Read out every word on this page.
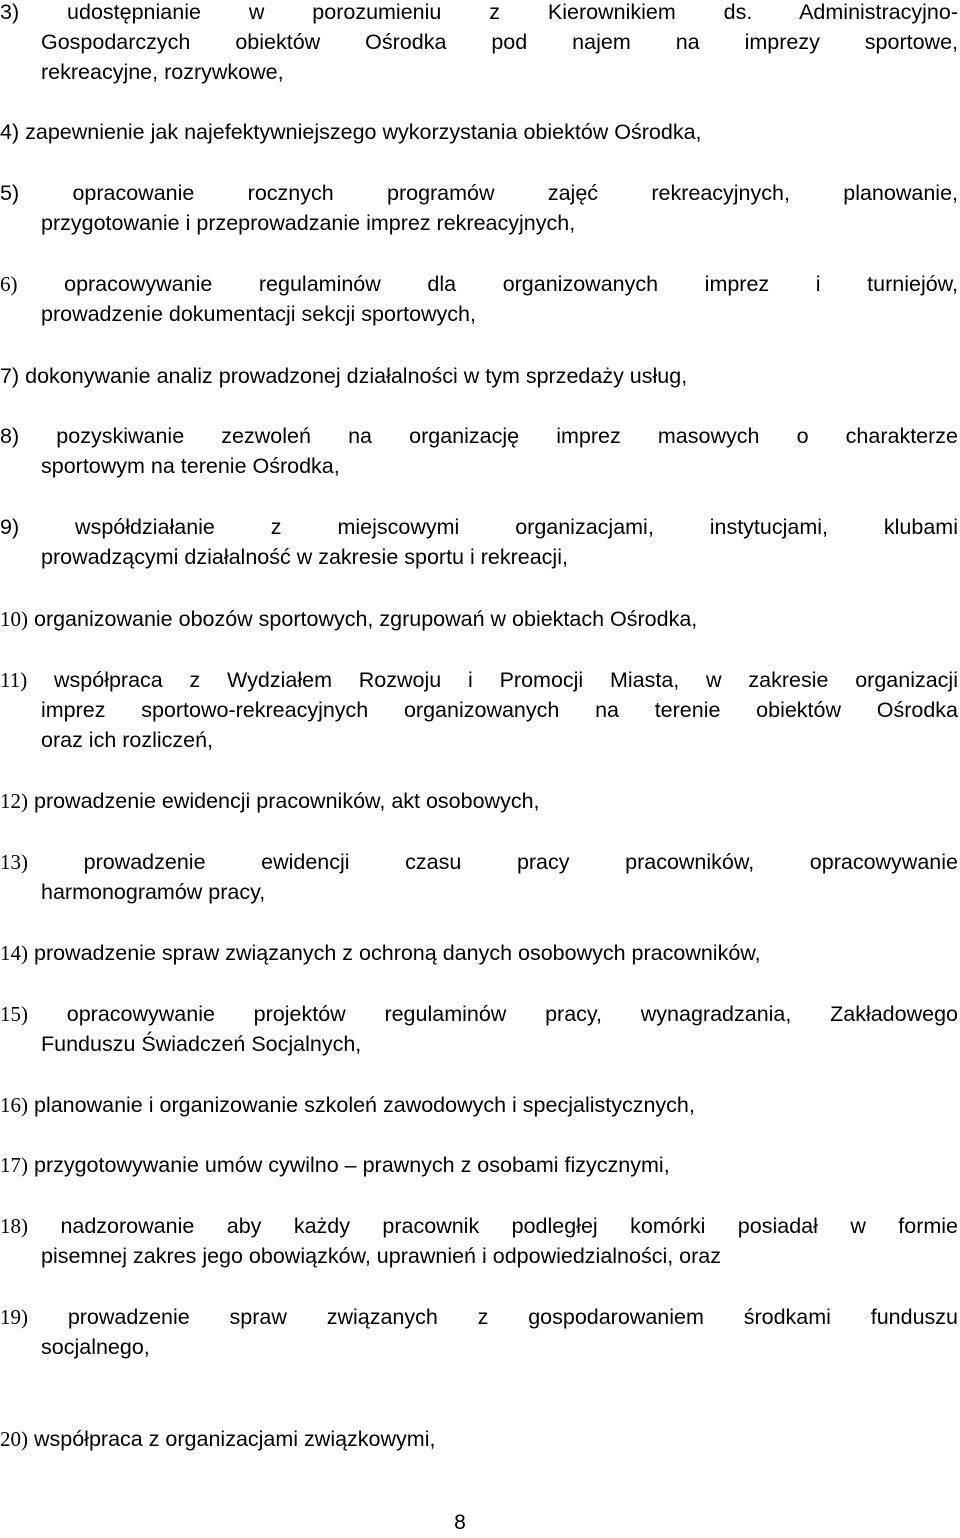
3) udostępnianie w porozumieniu z Kierownikiem ds. Administracyjno-
Gospodarczych obiektów Ośrodka pod najem na imprezy sportowe,
rekreacyjne, rozrywkowe,
4) zapewnienie jak najefektywniejszego wykorzystania obiektów Ośrodka,
5) opracowanie rocznych programów zajęć rekreacyjnych, planowanie,
przygotowanie i przeprowadzanie imprez rekreacyjnych,
6) opracowywanie regulaminów dla organizowanych imprez i turniejów,
prowadzenie dokumentacji sekcji sportowych,
7) dokonywanie analiz prowadzonej działalności w tym sprzedaży usług,
8) pozyskiwanie zezwoleń na organizację imprez masowych o charakterze
sportowym na terenie Ośrodka,
9)	współdziałanie z miejscowymi organizacjami, instytucjami, klubami
prowadzącymi działalność w zakresie sportu i rekreacji,
10) organizowanie obozów sportowych, zgrupowań w obiektach Ośrodka,
11) współpraca z Wydziałem Rozwoju i Promocji Miasta, w zakresie organizacji
imprez sportowo-rekreacyjnych organizowanych na terenie obiektów Ośrodka
oraz ich rozliczeń,
12) prowadzenie ewidencji pracowników, akt osobowych,
13)	prowadzenie ewidencji czasu pracy pracowników, opracowywanie
harmonogramów pracy,
14) prowadzenie spraw związanych z ochroną danych osobowych pracowników,
15) opracowywanie projektów regulaminów pracy, wynagradzania, Zakładowego
Funduszu Świadczeń Socjalnych,
16) planowanie i organizowanie szkoleń zawodowych i specjalistycznych,
17) przygotowywanie umów cywilno – prawnych z osobami fizycznymi,
18) nadzorowanie aby każdy pracownik podległej komórki posiadał w formie
pisemnej zakres jego obowiązków, uprawnień i odpowiedzialności, oraz
19) prowadzenie spraw związanych z gospodarowaniem środkami funduszu
socjalnego,
20) współpraca z organizacjami związkowymi,
8
